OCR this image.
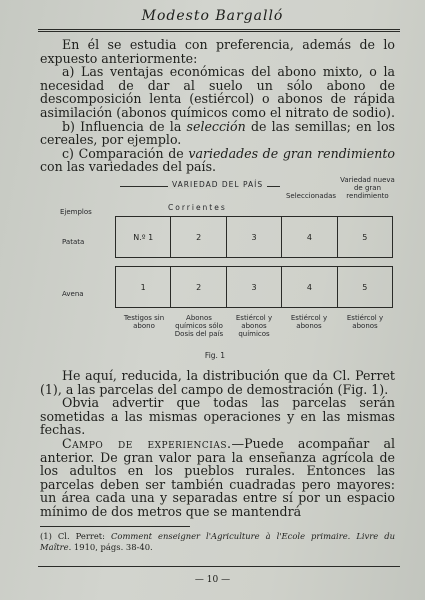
Modesto Bargalló

En él se estudia con preferencia, además de lo expuesto anteriormente:

a) Las ventajas económicas del abono mixto, o la necesidad de dar al suelo un sólo abono de descomposición lenta (estiércol) o abonos de rápida asimilación (abonos químicos como el nitrato de sodio).

b) Influencia de la selección de las semillas; en los cereales, por ejemplo.

c) Comparación de variedades de gran rendimiento con las variedades del país.

VARIEDAD DEL PAÍS
Seleccionadas
Variedad nueva de gran rendimiento
Ejemplos	Corrientes
Patata
N.º 1	2	3	4	5
Avena
1	2	3	4	5
Testigos sin abono
Abonos químicos sólo Dosis del país
Estiércol y abonos químicos
Estiércol y abonos
Estiércol y abonos
Fig. 1

He aquí, reducida, la distribución que da Cl. Perret (1), a las parcelas del campo de demostración (Fig. 1).

Obvia advertir que todas las parcelas serán sometidas a las mismas operaciones y en las mismas fechas.

Campo de experiencias.—Puede acompañar al anterior. De gran valor para la enseñanza agrícola de los adultos en los pueblos rurales. Entonces las parcelas deben ser también cuadradas pero mayores: un área cada una y separadas entre sí por un espacio mínimo de dos metros que se mantendrá

(1) Cl. Perret: Comment enseigner l'Agriculture à l'Ecole primaire. Livre du Maître. 1910, págs. 38-40.
— 10 —
